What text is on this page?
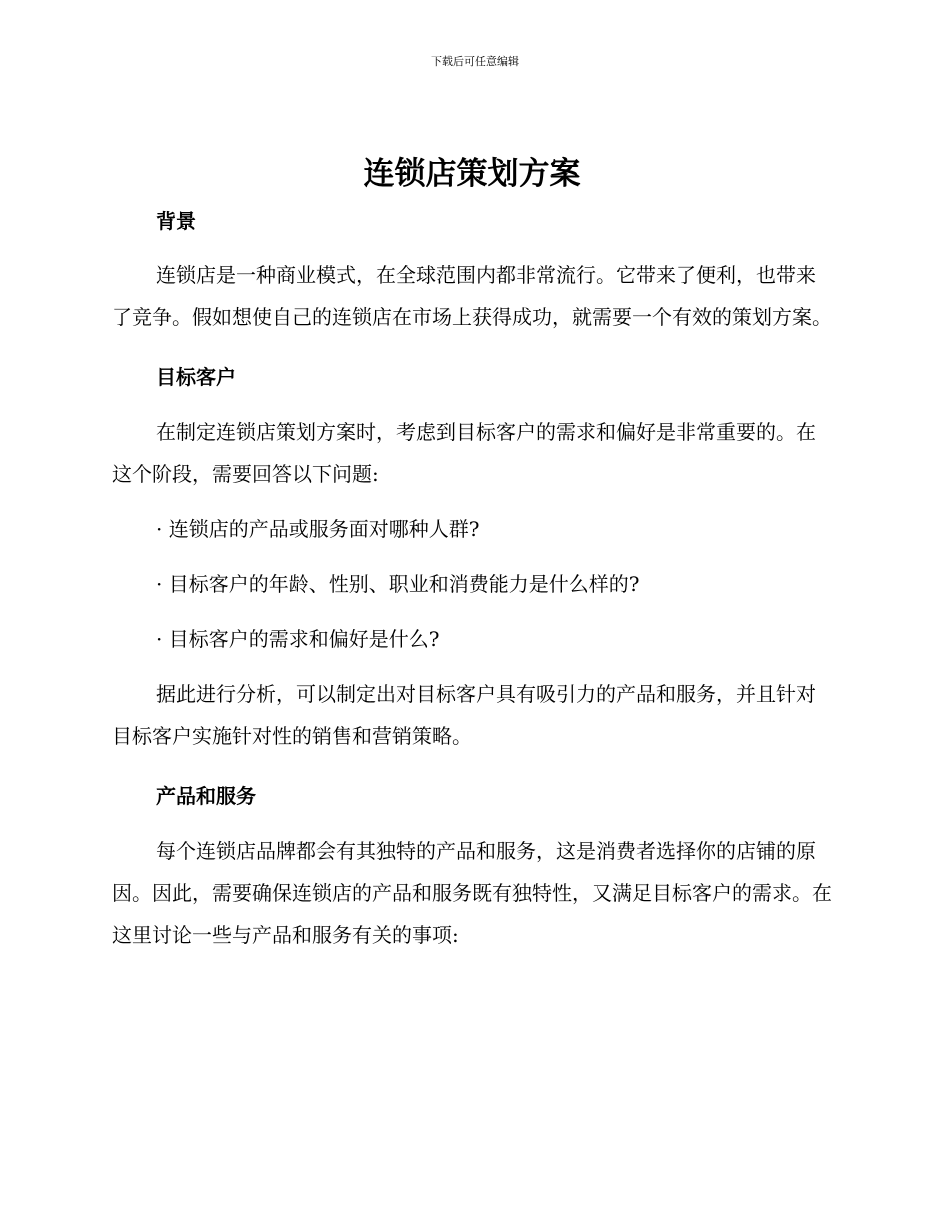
下载后可任意编辑
连锁店策划方案
背景

连锁店是一种商业模式，在全球范围内都非常流行。它带来了便利，也带来了竞争。假如想使自己的连锁店在市场上获得成功，就需要一个有效的策划方案。

目标客户

在制定连锁店策划方案时，考虑到目标客户的需求和偏好是非常重要的。在这个阶段，需要回答以下问题:

· 连锁店的产品或服务面对哪种人群?

· 目标客户的年龄、性别、职业和消费能力是什么样的?

· 目标客户的需求和偏好是什么?

据此进行分析，可以制定出对目标客户具有吸引力的产品和服务，并且针对目标客户实施针对性的销售和营销策略。

产品和服务

每个连锁店品牌都会有其独特的产品和服务，这是消费者选择你的店铺的原因。因此，需要确保连锁店的产品和服务既有独特性，又满足目标客户的需求。在这里讨论一些与产品和服务有关的事项:
